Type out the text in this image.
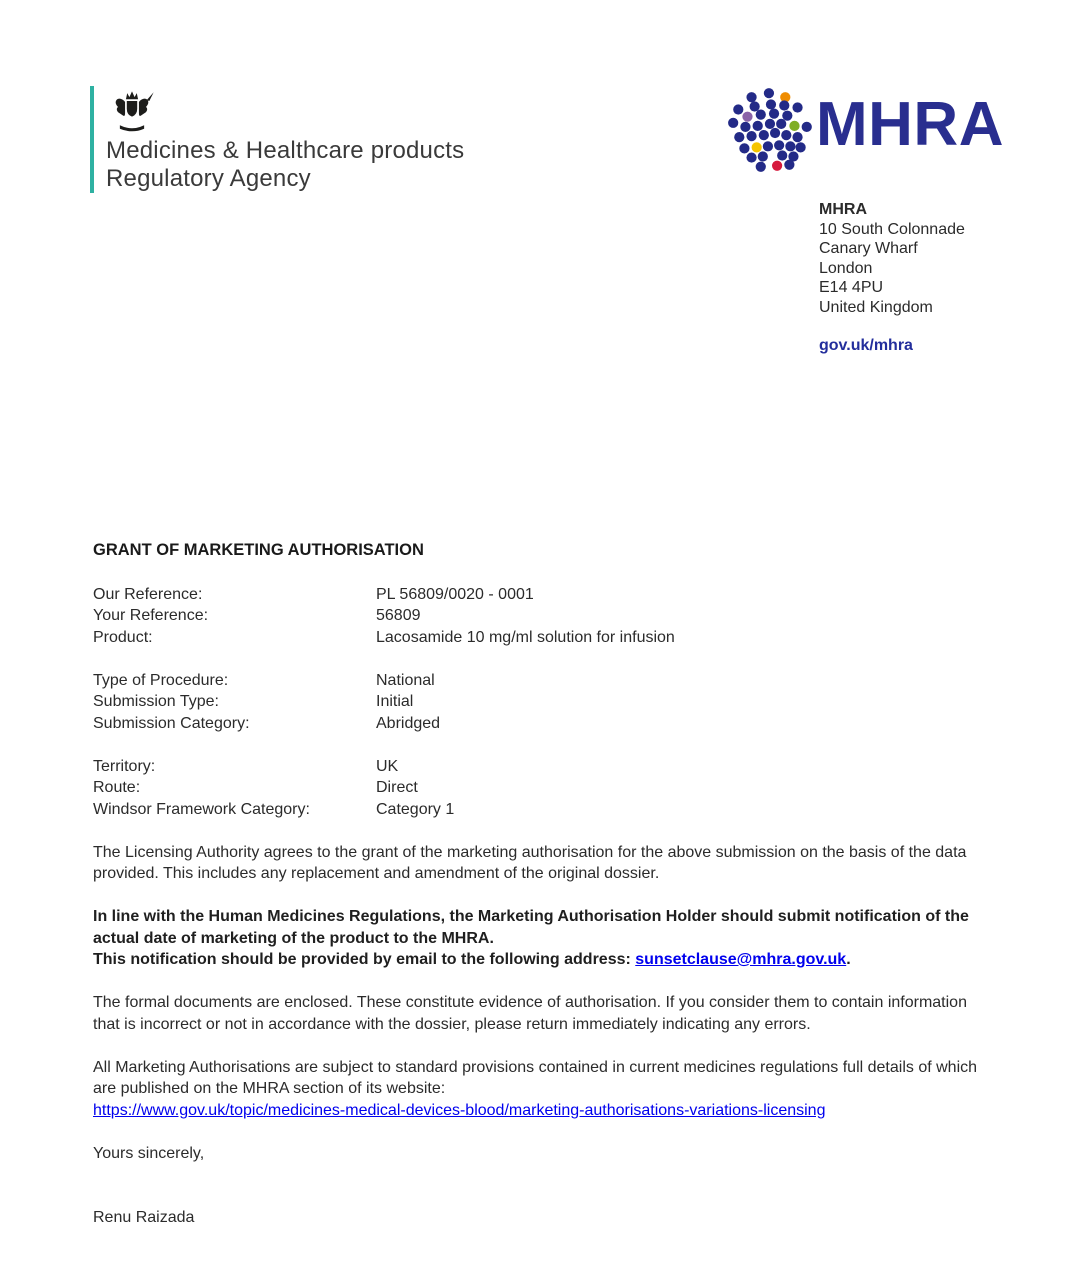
Medicines & Healthcare products
Regulatory Agency
MHRA
MHRA
10 South Colonnade
Canary Wharf
London
E14 4PU
United Kingdom
gov.uk/mhra
GRANT OF MARKETING AUTHORISATION
Our Reference:	PL 56809/0020 - 0001
Your Reference:	56809
Product:	Lacosamide 10 mg/ml solution for infusion
Type of Procedure:	National
Submission Type:	Initial
Submission Category:	Abridged
Territory:	UK
Route:	Direct
Windsor Framework Category:	Category 1

The Licensing Authority agrees to the grant of the marketing authorisation for the above submission on the basis of the data provided. This includes any replacement and amendment of the original dossier.

In line with the Human Medicines Regulations, the Marketing Authorisation Holder should submit notification of the actual date of marketing of the product to the MHRA.
This notification should be provided by email to the following address: sunsetclause@mhra.gov.uk.

The formal documents are enclosed. These constitute evidence of authorisation. If you consider them to contain information that is incorrect or not in accordance with the dossier, please return immediately indicating any errors.

All Marketing Authorisations are subject to standard provisions contained in current medicines regulations full details of which are published on the MHRA section of its website:
https://www.gov.uk/topic/medicines-medical-devices-blood/marketing-authorisations-variations-licensing

Yours sincerely,
Renu Raizada
